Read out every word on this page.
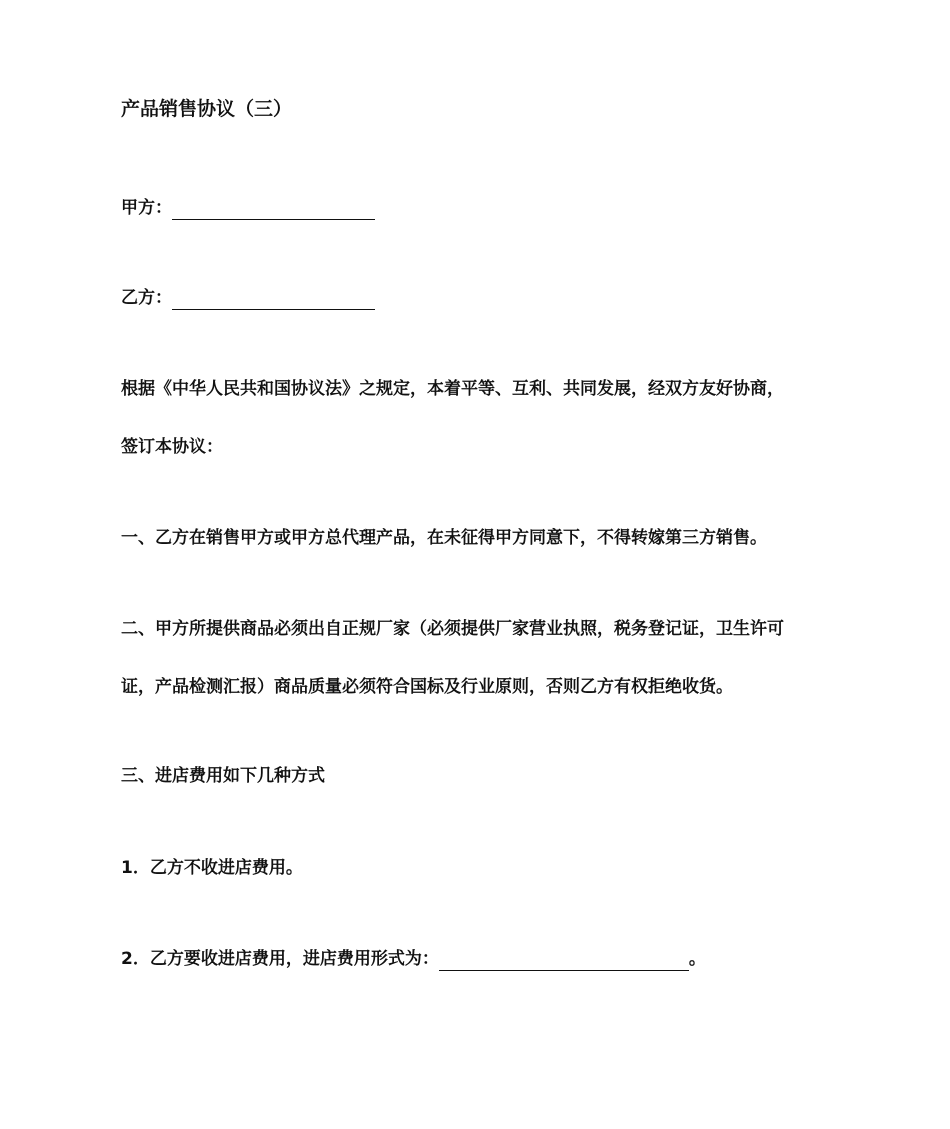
产品销售协议（三）
甲方：
乙方：
根据《中华人民共和国协议法》之规定，本着平等、互利、共同发展，经双方友好协商，
签订本协议：
一、乙方在销售甲方或甲方总代理产品，在未征得甲方同意下，不得转嫁第三方销售。
二、甲方所提供商品必须出自正规厂家（必须提供厂家营业执照，税务登记证，卫生许可
证，产品检测汇报）商品质量必须符合国标及行业原则，否则乙方有权拒绝收货。
三、进店费用如下几种方式
1．乙方不收进店费用。
2．乙方要收进店费用，进店费用形式为：	。
